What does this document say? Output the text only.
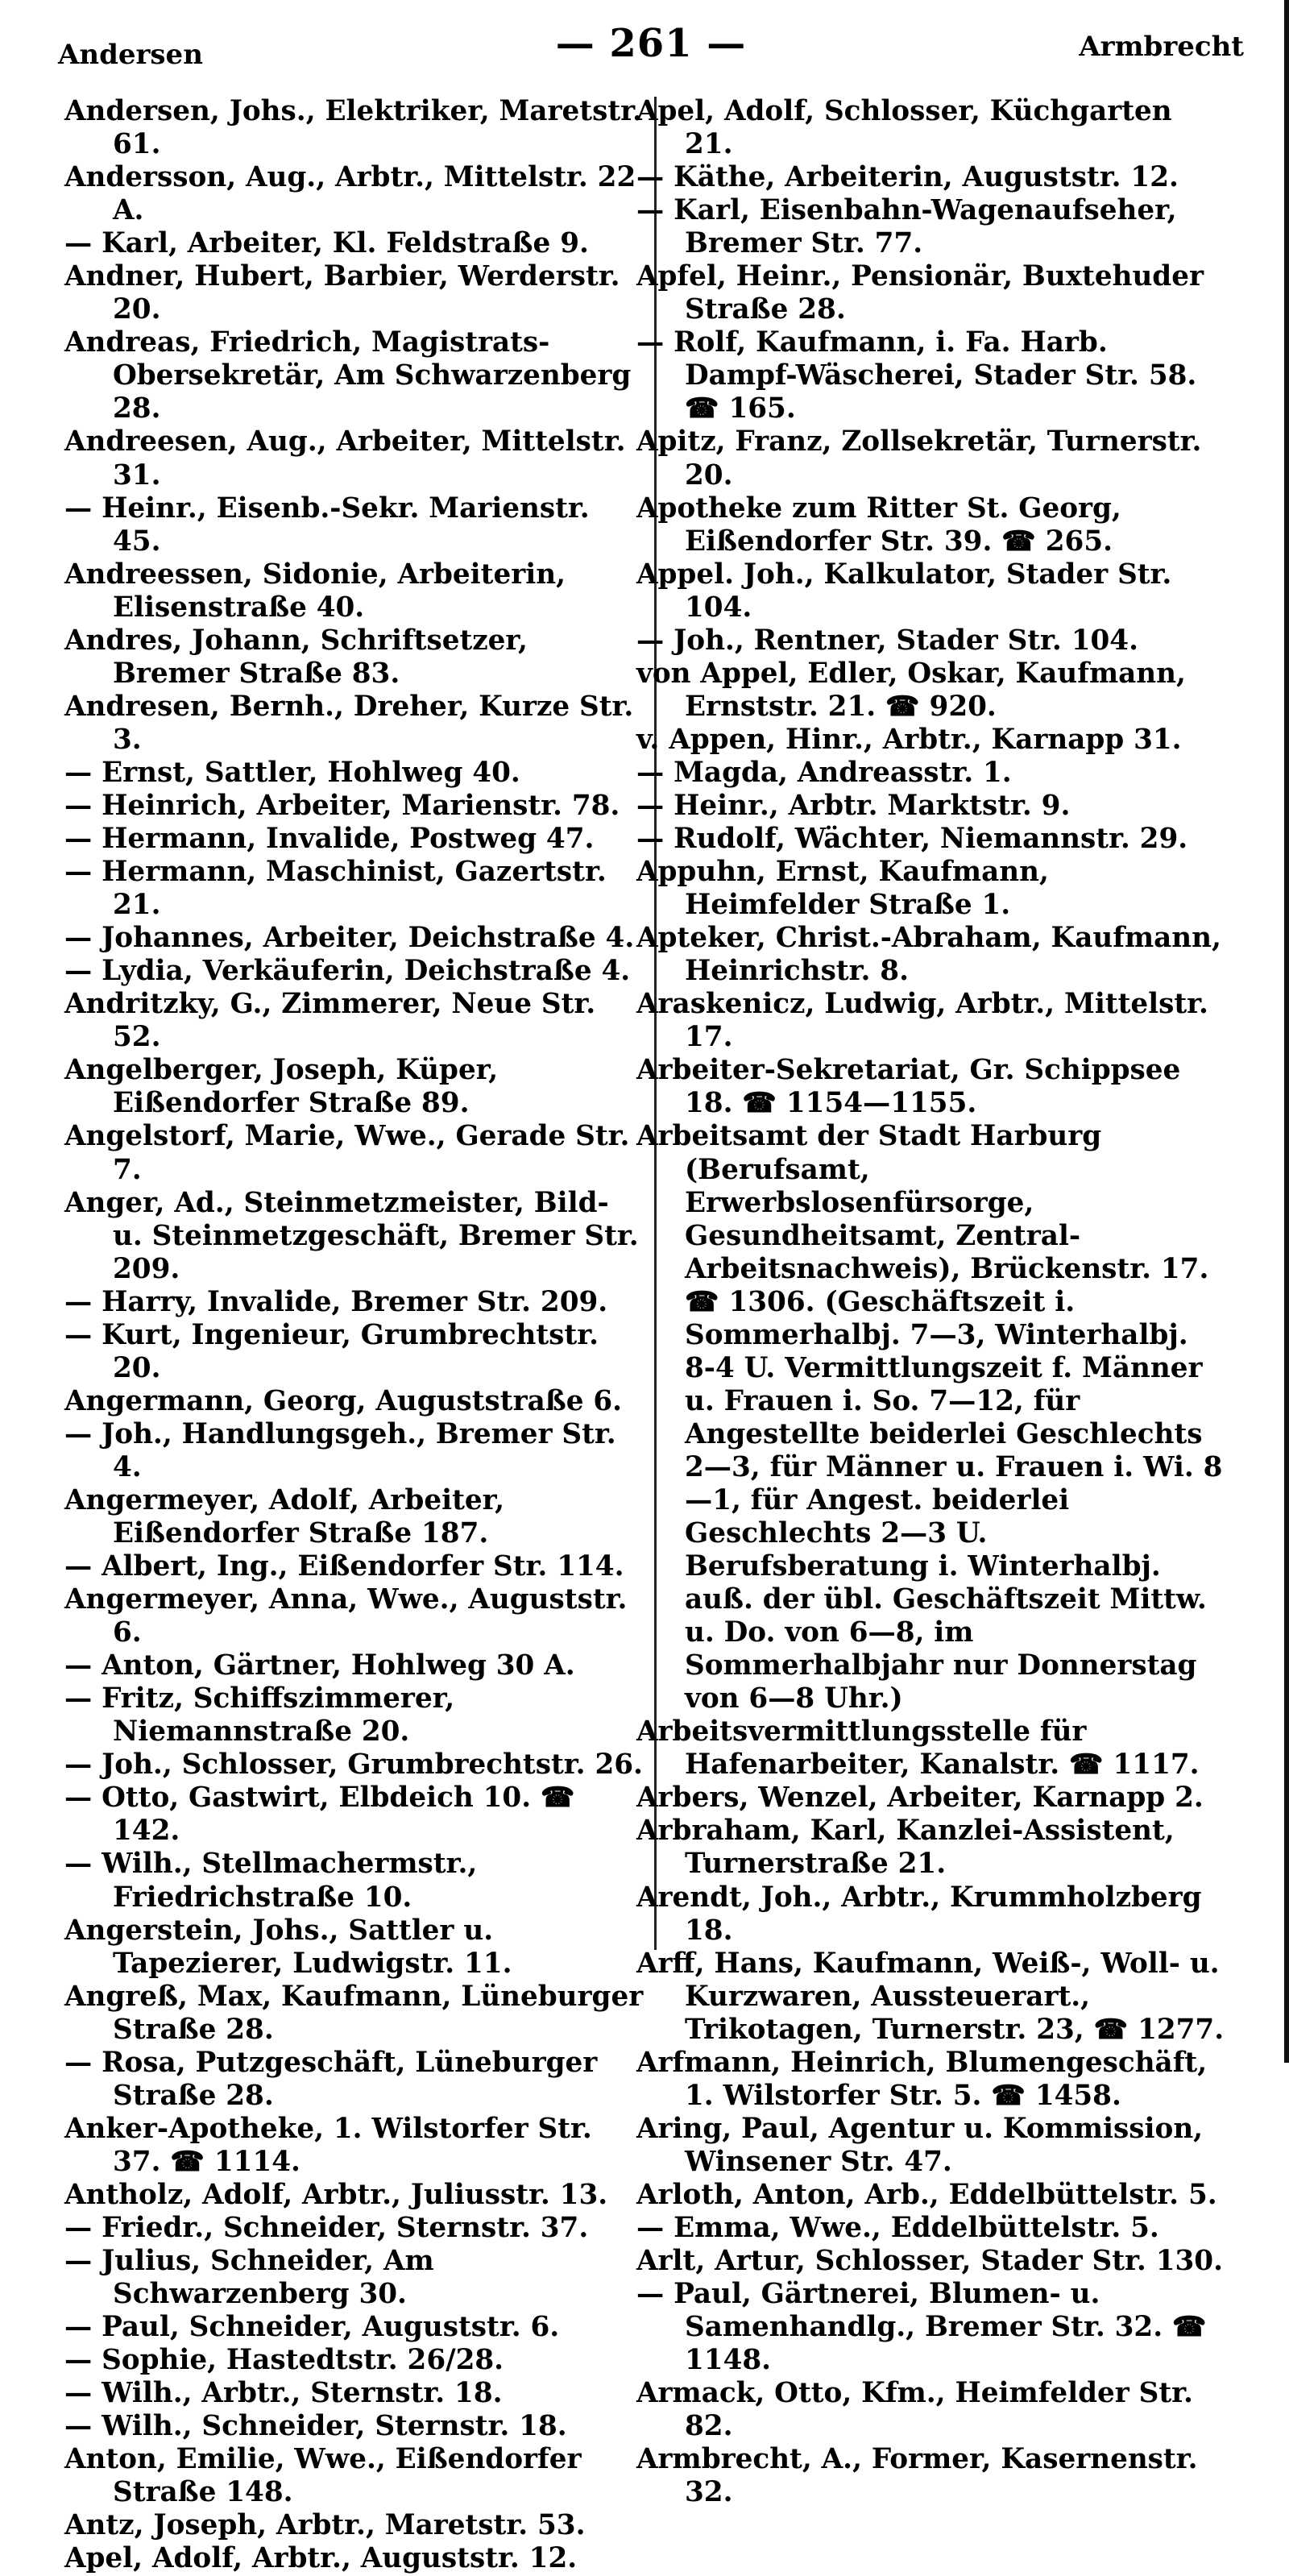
Andersen	— 261 —	Armbrecht
Andersen, Johs., Elektriker, Maretstr. 61.
Andersson, Aug., Arbtr., Mittelstr. 22 A.
— Karl, Arbeiter, Kl. Feldstraße 9.
Andner, Hubert, Barbier, Werderstr. 20.
Andreas, Friedrich, Magistrats-Obersekretär, Am Schwarzenberg 28.
Andreesen, Aug., Arbeiter, Mittelstr. 31.
— Heinr., Eisenb.-Sekr. Marienstr. 45.
Andreessen, Sidonie, Arbeiterin, Elisenstraße 40.
Andres, Johann, Schriftsetzer, Bremer Straße 83.
Andresen, Bernh., Dreher, Kurze Str. 3.
— Ernst, Sattler, Hohlweg 40.
— Heinrich, Arbeiter, Marienstr. 78.
— Hermann, Invalide, Postweg 47.
— Hermann, Maschinist, Gazertstr. 21.
— Johannes, Arbeiter, Deichstraße 4.
— Lydia, Verkäuferin, Deichstraße 4.
Andritzky, G., Zimmerer, Neue Str. 52.
Angelberger, Joseph, Küper, Eißendorfer Straße 89.
Angelstorf, Marie, Wwe., Gerade Str. 7.
Anger, Ad., Steinmetzmeister, Bild- u. Steinmetzgeschäft, Bremer Str. 209.
— Harry, Invalide, Bremer Str. 209.
— Kurt, Ingenieur, Grumbrechtstr. 20.
Angermann, Georg, Auguststraße 6.
— Joh., Handlungsgeh., Bremer Str. 4.
Angermeyer, Adolf, Arbeiter, Eißendorfer Straße 187.
— Albert, Ing., Eißendorfer Str. 114.
Angermeyer, Anna, Wwe., Auguststr. 6.
— Anton, Gärtner, Hohlweg 30 A.
— Fritz, Schiffszimmerer, Niemannstraße 20.
— Joh., Schlosser, Grumbrechtstr. 26.
— Otto, Gastwirt, Elbdeich 10. ☎ 142.
— Wilh., Stellmachermstr., Friedrichstraße 10.
Angerstein, Johs., Sattler u. Tapezierer, Ludwigstr. 11.
Angreß, Max, Kaufmann, Lüneburger Straße 28.
— Rosa, Putzgeschäft, Lüneburger Straße 28.
Anker-Apotheke, 1. Wilstorfer Str. 37. ☎ 1114.
Antholz, Adolf, Arbtr., Juliusstr. 13.
— Friedr., Schneider, Sternstr. 37.
— Julius, Schneider, Am Schwarzenberg 30.
— Paul, Schneider, Auguststr. 6.
— Sophie, Hastedtstr. 26/28.
— Wilh., Arbtr., Sternstr. 18.
— Wilh., Schneider, Sternstr. 18.
Anton, Emilie, Wwe., Eißendorfer Straße 148.
Antz, Joseph, Arbtr., Maretstr. 53.
Apel, Adolf, Arbtr., Auguststr. 12.
Apel, Adolf, Schlosser, Küchgarten 21.
— Käthe, Arbeiterin, Auguststr. 12.
— Karl, Eisenbahn-Wagenaufseher, Bremer Str. 77.
Apfel, Heinr., Pensionär, Buxtehuder Straße 28.
— Rolf, Kaufmann, i. Fa. Harb. Dampf-Wäscherei, Stader Str. 58. ☎ 165.
Apitz, Franz, Zollsekretär, Turnerstr. 20.
Apotheke zum Ritter St. Georg, Eißendorfer Str. 39. ☎ 265.
Appel. Joh., Kalkulator, Stader Str. 104.
— Joh., Rentner, Stader Str. 104.
von Appel, Edler, Oskar, Kaufmann, Ernststr. 21. ☎ 920.
v. Appen, Hinr., Arbtr., Karnapp 31.
— Magda, Andreasstr. 1.
— Heinr., Arbtr. Marktstr. 9.
— Rudolf, Wächter, Niemannstr. 29.
Appuhn, Ernst, Kaufmann, Heimfelder Straße 1.
Apteker, Christ.-Abraham, Kaufmann, Heinrichstr. 8.
Araskenicz, Ludwig, Arbtr., Mittelstr. 17.
Arbeiter-Sekretariat, Gr. Schippsee 18. ☎ 1154—1155.
Arbeitsamt der Stadt Harburg (Berufsamt, Erwerbslosenfürsorge, Gesundheitsamt, Zentral-Arbeitsnachweis), Brückenstr. 17. ☎ 1306. (Geschäftszeit i. Sommerhalbj. 7—3, Winterhalbj. 8-4 U. Vermittlungszeit f. Männer u. Frauen i. So. 7—12, für Angestellte beiderlei Geschlechts 2—3, für Männer u. Frauen i. Wi. 8—1, für Angest. beiderlei Geschlechts 2—3 U. Berufsberatung i. Winterhalbj. auß. der übl. Geschäftszeit Mittw. u. Do. von 6—8, im Sommerhalbjahr nur Donnerstag von 6—8 Uhr.)
Arbeitsvermittlungsstelle für Hafenarbeiter, Kanalstr. ☎ 1117.
Arbers, Wenzel, Arbeiter, Karnapp 2.
Arbraham, Karl, Kanzlei-Assistent, Turnerstraße 21.
Arendt, Joh., Arbtr., Krummholzberg 18.
Arff, Hans, Kaufmann, Weiß-, Woll- u. Kurzwaren, Aussteuerart., Trikotagen, Turnerstr. 23, ☎ 1277.
Arfmann, Heinrich, Blumengeschäft, 1. Wilstorfer Str. 5. ☎ 1458.
Aring, Paul, Agentur u. Kommission, Winsener Str. 47.
Arloth, Anton, Arb., Eddelbüttelstr. 5.
— Emma, Wwe., Eddelbüttelstr. 5.
Arlt, Artur, Schlosser, Stader Str. 130.
— Paul, Gärtnerei, Blumen- u. Samenhandlg., Bremer Str. 32. ☎ 1148.
Armack, Otto, Kfm., Heimfelder Str. 82.
Armbrecht, A., Former, Kasernenstr. 32.
